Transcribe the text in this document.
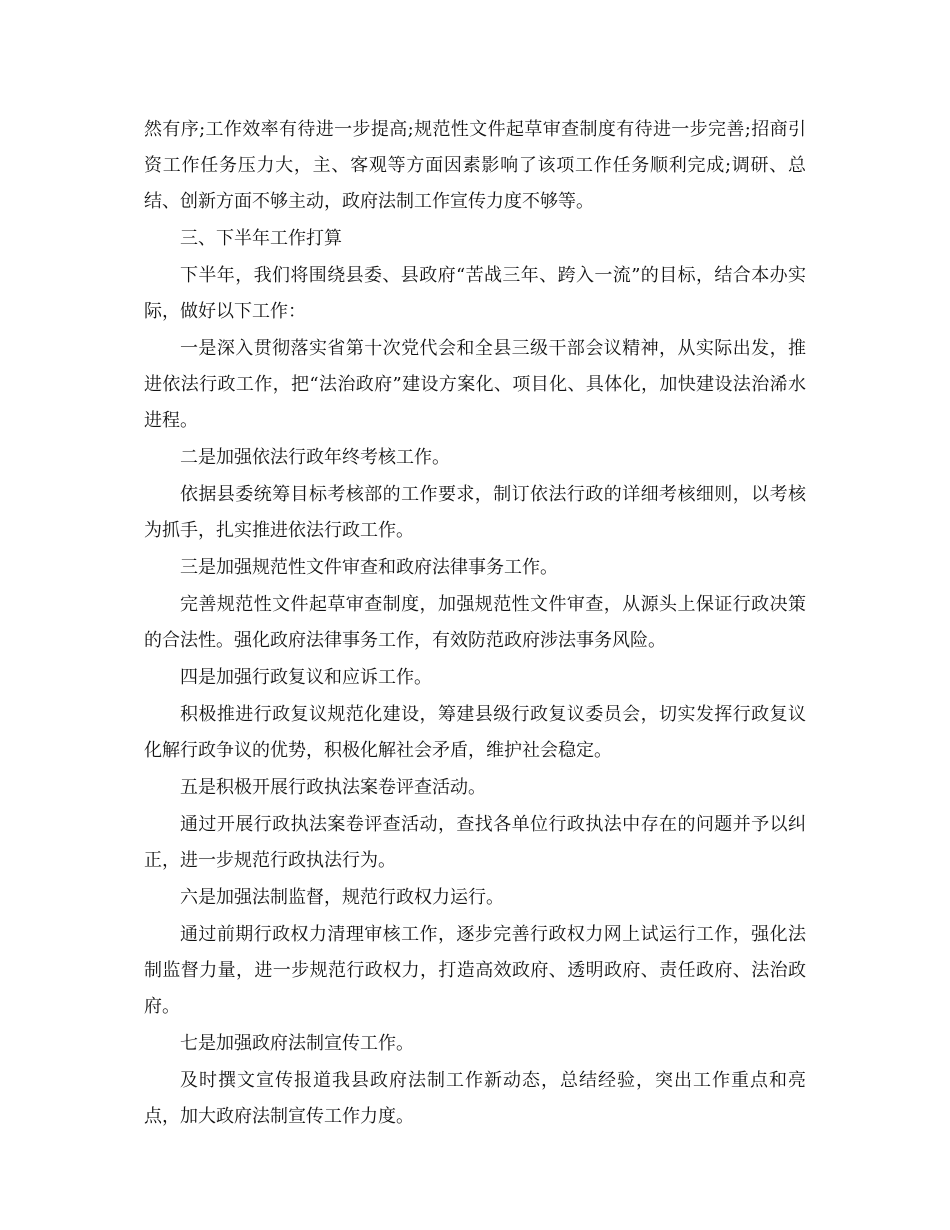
然有序;工作效率有待进一步提高;规范性文件起草审查制度有待进一步完善;招商引资工作任务压力大，主、客观等方面因素影响了该项工作任务顺利完成;调研、总结、创新方面不够主动，政府法制工作宣传力度不够等。

三、下半年工作打算

下半年，我们将围绕县委、县政府“苦战三年、跨入一流”的目标，结合本办实际，做好以下工作：

一是深入贯彻落实省第十次党代会和全县三级干部会议精神，从实际出发，推进依法行政工作，把“法治政府”建设方案化、项目化、具体化，加快建设法治浠水进程。

二是加强依法行政年终考核工作。

依据县委统筹目标考核部的工作要求，制订依法行政的详细考核细则，以考核为抓手，扎实推进依法行政工作。

三是加强规范性文件审查和政府法律事务工作。

完善规范性文件起草审查制度，加强规范性文件审查，从源头上保证行政决策的合法性。强化政府法律事务工作，有效防范政府涉法事务风险。

四是加强行政复议和应诉工作。

积极推进行政复议规范化建设，筹建县级行政复议委员会，切实发挥行政复议化解行政争议的优势，积极化解社会矛盾，维护社会稳定。

五是积极开展行政执法案卷评查活动。

通过开展行政执法案卷评查活动，查找各单位行政执法中存在的问题并予以纠正，进一步规范行政执法行为。

六是加强法制监督，规范行政权力运行。

通过前期行政权力清理审核工作，逐步完善行政权力网上试运行工作，强化法制监督力量，进一步规范行政权力，打造高效政府、透明政府、责任政府、法治政府。

七是加强政府法制宣传工作。

及时撰文宣传报道我县政府法制工作新动态，总结经验，突出工作重点和亮点，加大政府法制宣传工作力度。
